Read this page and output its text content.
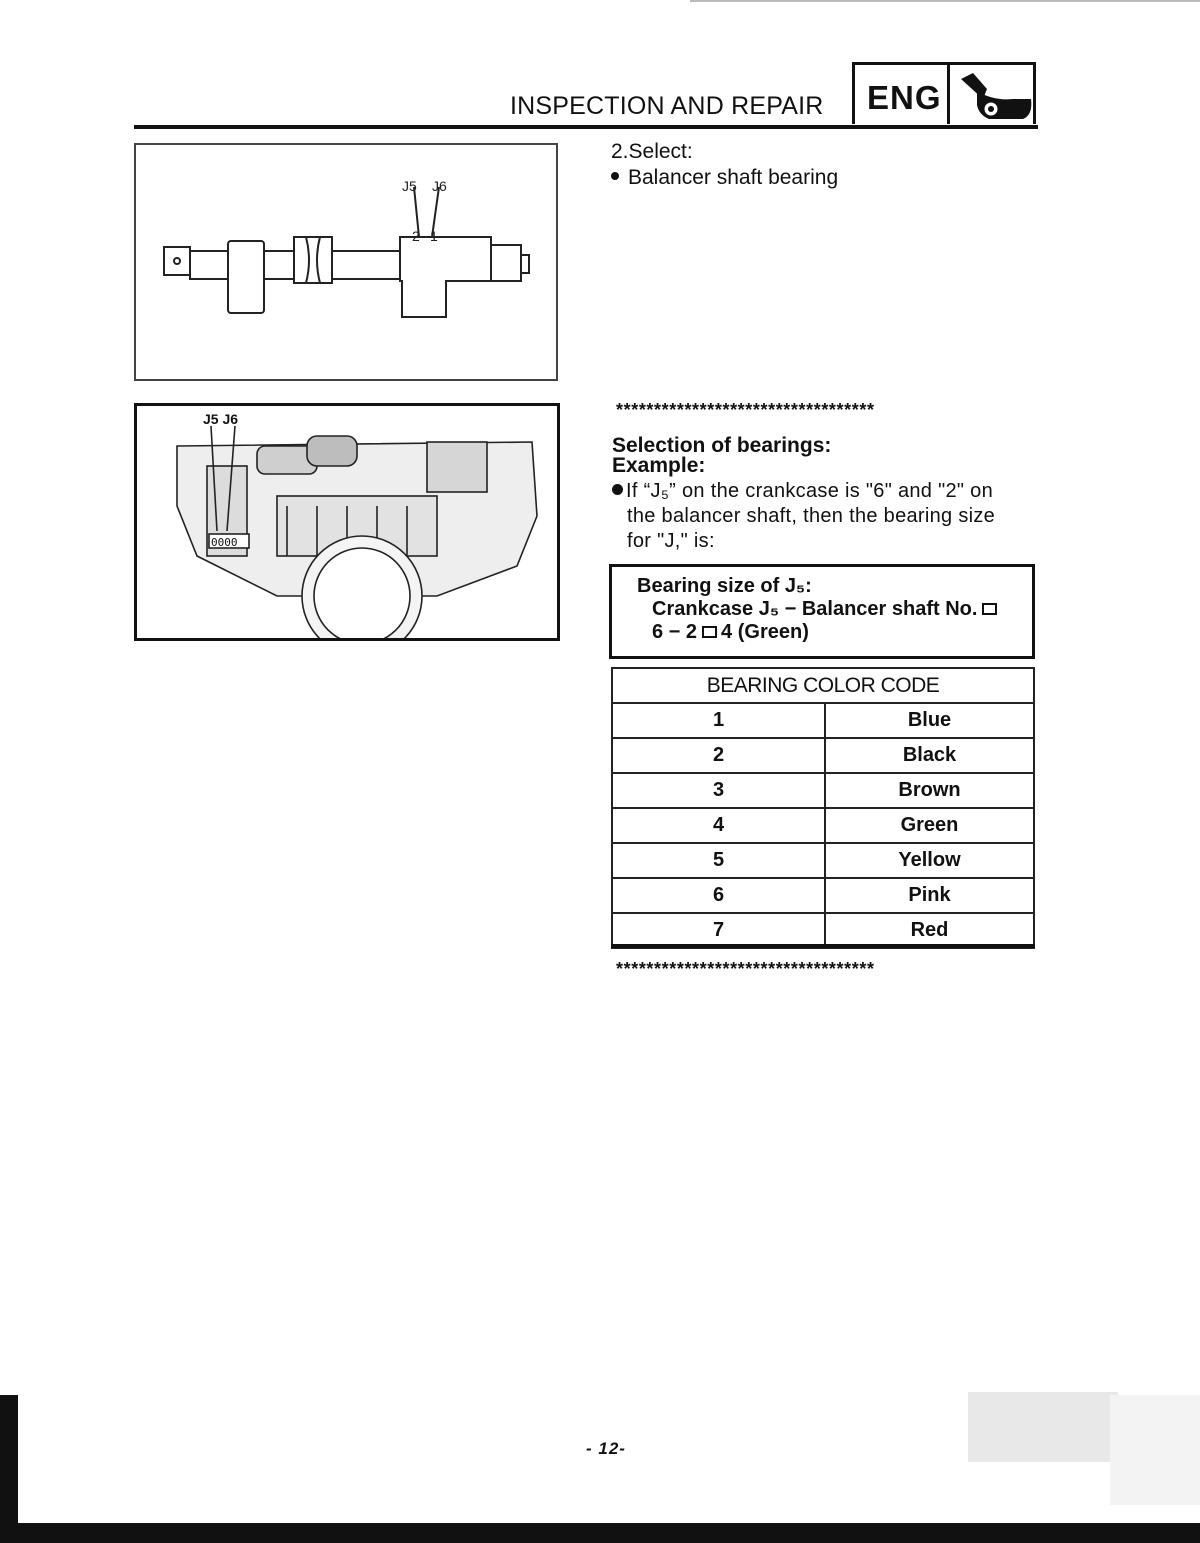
INSPECTION AND REPAIR ENG
J5 J6
2 1
J5 J6
0000
2.Select:
Balancer shaft bearing
**********************************
Selection of bearings:
Example:
If “J₅” on the crankcase is "6" and "2" on
the balancer shaft, then the bearing size
for "J," is:
Bearing size of J₅:
Crankcase J₅ − Balancer shaft No.
6 − 2 4 (Green)
BEARING COLOR CODE	
1	Blue
2	Black
3	Brown
4	Green
5	Yellow
6	Pink
7	Red
**********************************
- 12-
